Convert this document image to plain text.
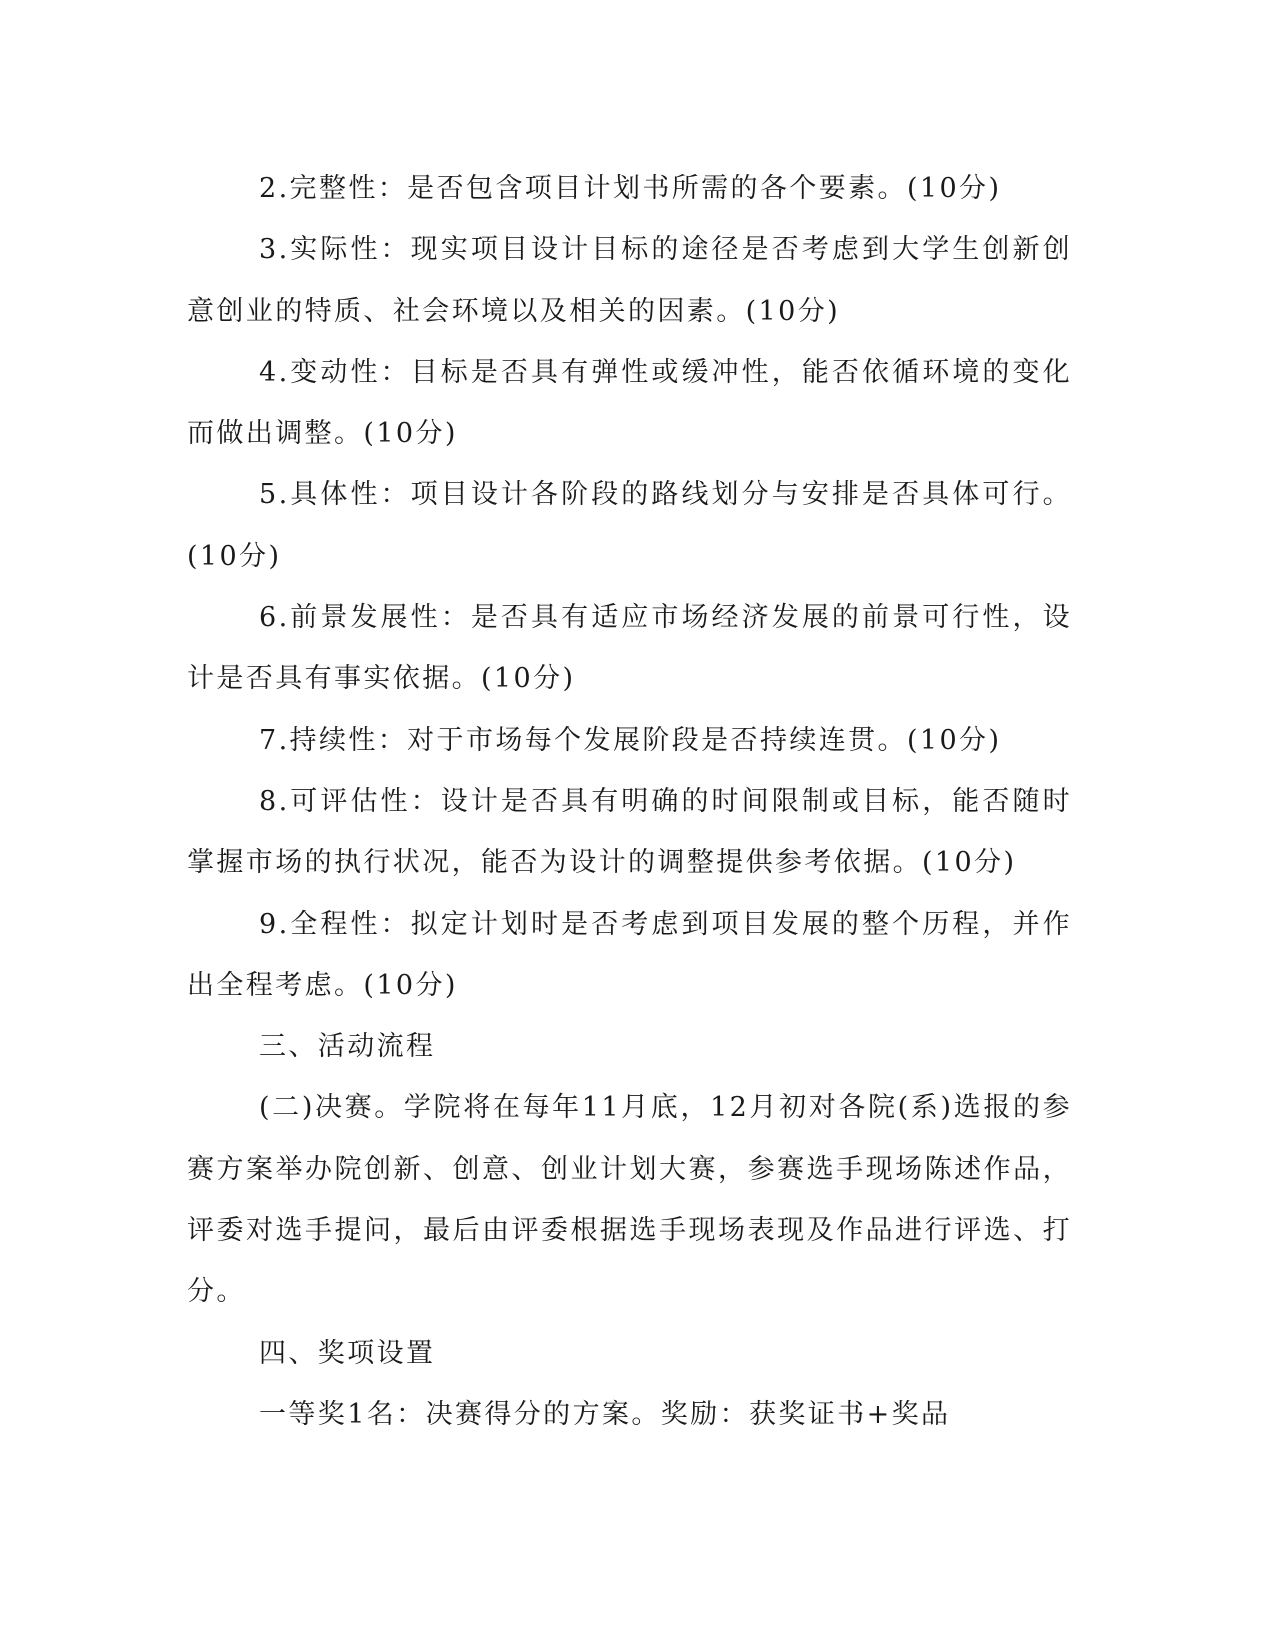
2.完整性：是否包含项目计划书所需的各个要素。(10分)

3.实际性：现实项目设计目标的途径是否考虑到大学生创新创意创业的特质、社会环境以及相关的因素。(10分)

4.变动性：目标是否具有弹性或缓冲性，能否依循环境的变化而做出调整。(10分)

5.具体性：项目设计各阶段的路线划分与安排是否具体可行。(10分)

6.前景发展性：是否具有适应市场经济发展的前景可行性，设计是否具有事实依据。(10分)

7.持续性：对于市场每个发展阶段是否持续连贯。(10分)

8.可评估性：设计是否具有明确的时间限制或目标，能否随时掌握市场的执行状况，能否为设计的调整提供参考依据。(10分)

9.全程性：拟定计划时是否考虑到项目发展的整个历程，并作出全程考虑。(10分)

三、活动流程

(二)决赛。学院将在每年11月底，12月初对各院(系)选报的参赛方案举办院创新、创意、创业计划大赛，参赛选手现场陈述作品，评委对选手提问，最后由评委根据选手现场表现及作品进行评选、打分。

四、奖项设置

一等奖1名：决赛得分的方案。奖励：获奖证书+奖品
